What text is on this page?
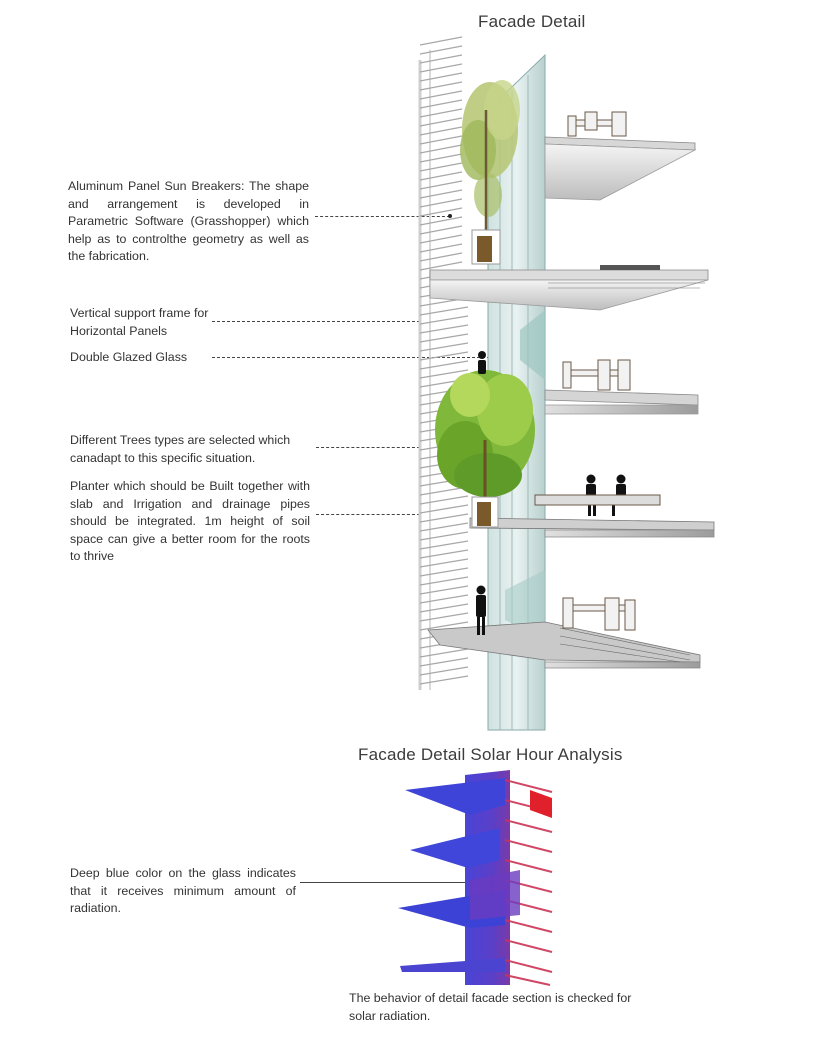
Facade Detail
Facade Detail Solar Hour Analysis
Aluminum Panel Sun Breakers: The shape and arrangement is developed in Parametric Software (Grasshopper) which help as to controlthe geometry as well as the fabrication.
Vertical support frame for Horizontal Panels
Double Glazed Glass
Different Trees types are selected which canadapt to this specific situation.
Planter which should be Built together with slab and Irrigation and drainage pipes should be integrated. 1m height of soil space can give a better room for the roots to thrive
Deep blue color on the glass indicates that it receives minimum amount of radiation.
The behavior of detail facade section is checked for solar radiation.
